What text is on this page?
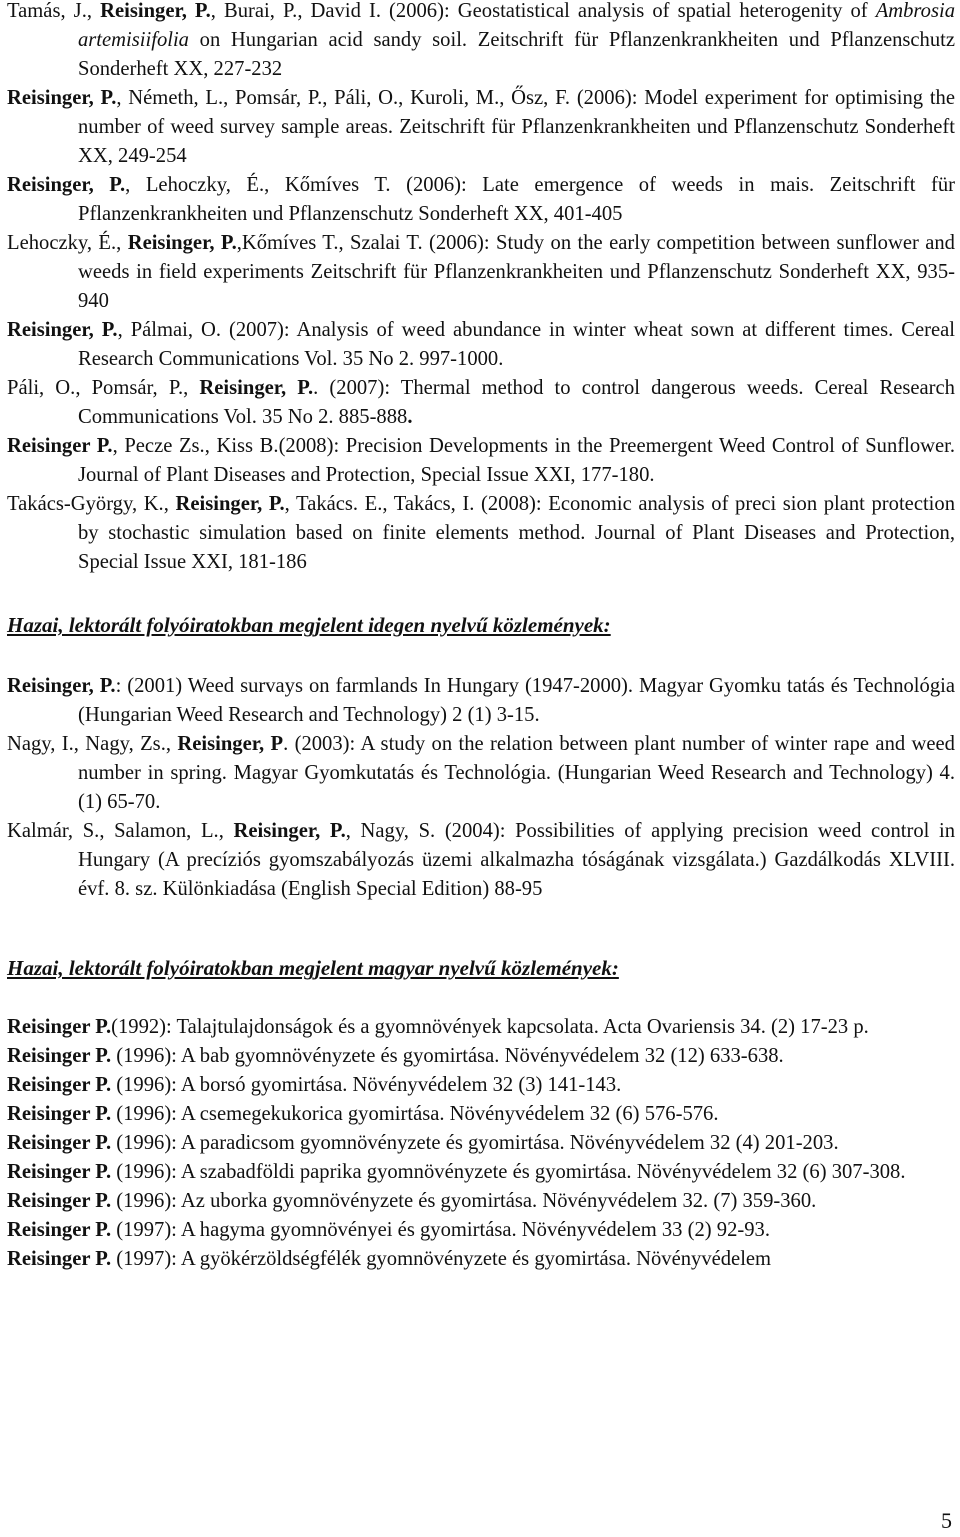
Tamás, J., Reisinger, P., Burai, P., David I. (2006): Geostatistical analysis of spatial heterogenity of Ambrosia artemisiifolia on Hungarian acid sandy soil. Zeitschrift für Pflanzenkrankheiten und Pflanzenschutz Sonderheft XX, 227-232

Reisinger, P., Németh, L., Pomsár, P., Páli, O., Kuroli, M., Ősz, F. (2006): Model experiment for optimising the number of weed survey sample areas. Zeitschrift für Pflanzenkrankheiten und Pflanzenschutz Sonderheft XX, 249-254

Reisinger, P., Lehoczky, É., Kőmíves T. (2006): Late emergence of weeds in mais. Zeitschrift für Pflanzenkrankheiten und Pflanzenschutz Sonderheft XX, 401-405

Lehoczky, É., Reisinger, P.,Kőmíves T., Szalai T. (2006): Study on the early competition between sunflower and weeds in field experiments Zeitschrift für Pflanzenkrankheiten und Pflanzenschutz Sonderheft XX, 935-940

Reisinger, P., Pálmai, O. (2007): Analysis of weed abundance in winter wheat sown at different times. Cereal Research Communications Vol. 35 No 2. 997-1000.

Páli, O., Pomsár, P., Reisinger, P.. (2007): Thermal method to control dangerous weeds. Cereal Research Communications Vol. 35 No 2. 885-888.

Reisinger P., Pecze Zs., Kiss B.(2008): Precision Developments in the Preemergent Weed Control of Sunflower. Journal of Plant Diseases and Protection, Special Issue XXI, 177-180.

Takács-György, K., Reisinger, P., Takács. E., Takács, I. (2008): Economic analysis of preci sion plant protection by stochastic simulation based on finite elements method. Journal of Plant Diseases and Protection, Special Issue XXI, 181-186

Hazai, lektorált folyóiratokban megjelent idegen nyelvű közlemények:

Reisinger, P.: (2001) Weed survays on farmlands In Hungary (1947-2000). Magyar Gyomku tatás és Technológia (Hungarian Weed Research and Technology) 2 (1) 3-15.

Nagy, I., Nagy, Zs., Reisinger, P. (2003): A study on the relation between plant number of winter rape and weed number in spring. Magyar Gyomkutatás és Technológia. (Hungarian Weed Research and Technology) 4. (1) 65-70.

Kalmár, S., Salamon, L., Reisinger, P., Nagy, S. (2004): Possibilities of applying precision weed control in Hungary (A precíziós gyomszabályozás üzemi alkalmazha tóságának vizsgálata.) Gazdálkodás XLVIII. évf. 8. sz. Különkiadása (English Special Edition) 88-95

Hazai, lektorált folyóiratokban megjelent magyar nyelvű közlemények:

Reisinger P.(1992): Talajtulajdonságok és a gyomnövények kapcsolata. Acta Ovariensis 34. (2) 17-23 p.

Reisinger P. (1996): A bab gyomnövényzete és gyomirtása. Növényvédelem 32 (12) 633-638.

Reisinger P. (1996): A borsó gyomirtása. Növényvédelem 32 (3) 141-143.

Reisinger P. (1996): A csemegekukorica gyomirtása. Növényvédelem 32 (6) 576-576.

Reisinger P. (1996): A paradicsom gyomnövényzete és gyomirtása. Növényvédelem 32 (4) 201-203.

Reisinger P. (1996): A szabadföldi paprika gyomnövényzete és gyomirtása. Növényvédelem 32 (6) 307-308.

Reisinger P. (1996): Az uborka gyomnövényzete és gyomirtása. Növényvédelem 32. (7) 359-360.

Reisinger P. (1997): A hagyma gyomnövényei és gyomirtása. Növényvédelem 33 (2) 92-93.

Reisinger P. (1997): A gyökérzöldségfélék gyomnövényzete és gyomirtása. Növényvédelem

5
